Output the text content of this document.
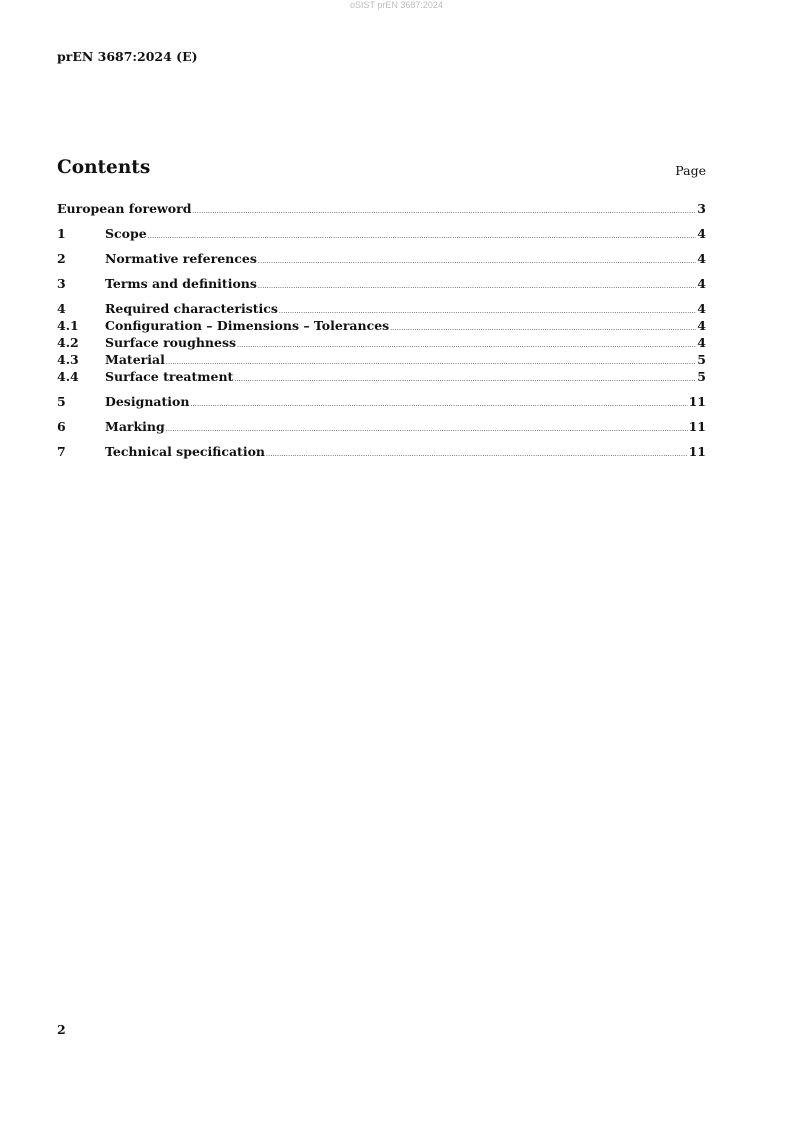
oSIST prEN 3687:2024
prEN 3687:2024 (E)
Contents	Page
European foreword .....	3
1	Scope .....	4
2	Normative references .....	4
3	Terms and definitions .....	4
4	Required characteristics .....	4
4.1	Configuration – Dimensions – Tolerances .....	4
4.2	Surface roughness .....	4
4.3	Material .....	5
4.4	Surface treatment .....	5
5	Designation .....	11
6	Marking .....	11
7	Technical specification .....	11
2
